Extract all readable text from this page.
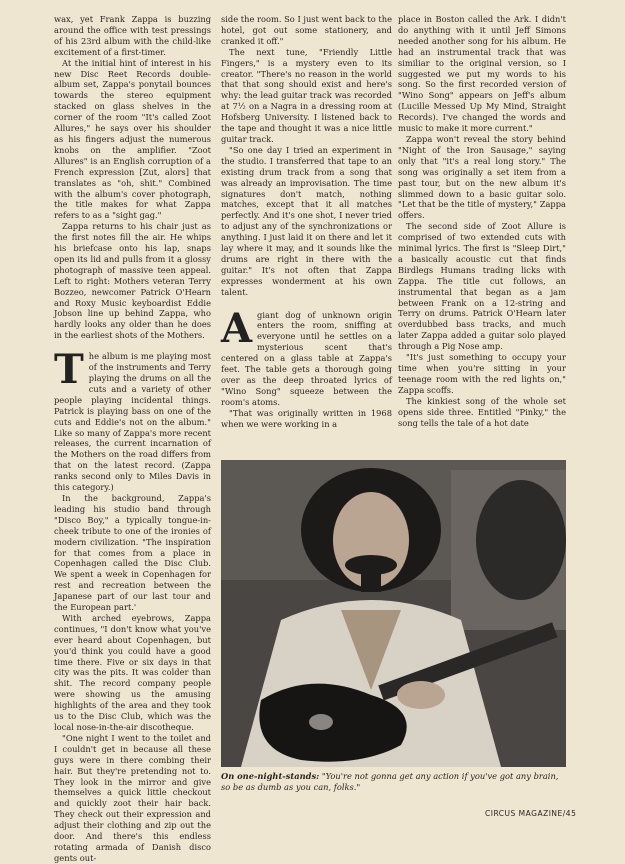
wax, yet Frank Zappa is buzzing around the office with test pressings of his 23rd album with the child-like excitement of a first-timer.

At the initial hint of interest in his new Disc Reet Records double-album set, Zappa's ponytail bounces towards the stereo equipment stacked on glass shelves in the corner of the room "It's called Zoot Allures," he says over his shoulder as his fingers adjust the numerous knobs on the amplifier. "Zoot Allures" is an English corruption of a French expression [Zut, alors] that translates as "oh, shit." Combined with the album's cover photograph, the title makes for what Zappa refers to as a "sight gag."

Zappa returns to his chair just as the first notes fill the air. He whips his briefcase onto his lap, snaps open its lid and pulls from it a glossy photograph of massive teen appeal. Left to right: Mothers veteran Terry Bozzeo, newcomer Patrick O'Hearn and Roxy Music keyboardist Eddie Jobson line up behind Zappa, who hardly looks any older than he does in the earliest shots of the Mothers.

The album is me playing most of the instruments and Terry playing the drums on all the cuts and a variety of other people playing incidental things. Patrick is playing bass on one of the cuts and Eddie's not on the album." Like so many of Zappa's more recent releases, the current incarnation of the Mothers on the road differs from that on the latest record. (Zappa ranks second only to Miles Davis in this category.)

In the background, Zappa's leading his studio band through "Disco Boy," a typically tongue-in-cheek tribute to one of the ironies of modern civilization. "The inspiration for that comes from a place in Copenhagen called the Disc Club. We spent a week in Copenhagen for rest and recreation between the Japanese part of our last tour and the European part.'

With arched eyebrows, Zappa continues, "I don't know what you've ever heard about Copenhagen, but you'd think you could have a good time there. Five or six days in that city was the pits. It was colder than shit. The record company people were showing us the amusing highlights of the area and they took us to the Disc Club, which was the local nose-in-the-air discotheque.

"One night I went to the toilet and I couldn't get in because all these guys were in there combing their hair. But they're pretending not to. They look in the mirror and give themselves a quick little checkout and quickly zoot their hair back. They check out their expression and adjust their clothing and zip out the door. And there's this endless rotating armada of Danish disco gents out-

side the room. So I just went back to the hotel, got out some stationery, and cranked it off."

The next tune, "Friendly Little Fingers," is a mystery even to its creator. "There's no reason in the world that that song should exist and here's why: the lead guitar track was recorded at 7½ on a Nagra in a dressing room at Hofsberg University. I listened back to the tape and thought it was a nice little guitar track.

"So one day I tried an experiment in the studio. I transferred that tape to an existing drum track from a song that was already an improvisation. The time signatures don't match, nothing matches, except that it all matches perfectly. And it's one shot, I never tried to adjust any of the synchronizations or anything. I just laid it on there and let it lay where it may, and it sounds like the drums are right in there with the guitar." It's not often that Zappa expresses wonderment at his own talent.

Agiant dog of unknown origin enters the room, sniffing at everyone until he settles on a mysterious scent that's centered on a glass table at Zappa's feet. The table gets a thorough going over as the deep throated lyrics of "Wino Song" squeeze between the room's atoms.

"That was originally written in 1968 when we were working in a

place in Boston called the Ark. I didn't do anything with it until Jeff Simons needed another song for his album. He had an instrumental track that was similiar to the original version, so I suggested we put my words to his song. So the first recorded version of "Wino Song" appears on Jeff's album (Lucille Messed Up My Mind, Straight Records). I've changed the words and music to make it more current."

Zappa won't reveal the story behind "Night of the Iron Sausage," saying only that "it's a real long story." The song was originally a set item from a past tour, but on the new album it's slimmed down to a basic guitar solo. "Let that be the title of mystery," Zappa offers.

The second side of Zoot Allure is comprised of two extended cuts with minimal lyrics. The first is "Sleep Dirt," a basically acoustic cut that finds Birdlegs Humans trading licks with Zappa. The title cut follows, an instrumental that began as a jam between Frank on a 12-string and Terry on drums. Patrick O'Hearn later overdubbed bass tracks, and much later Zappa added a guitar solo played through a Pig Nose amp.

"It's just something to occupy your time when you're sitting in your teenage room with the red lights on," Zappa scoffs.

The kinkiest song of the whole set opens side three. Entitled "Pinky," the song tells the tale of a hot date

On one-night-stands: "You're not gonna get any action if you've got any brain, so be as dumb as you can, folks."
CIRCUS MAGAZINE/45
